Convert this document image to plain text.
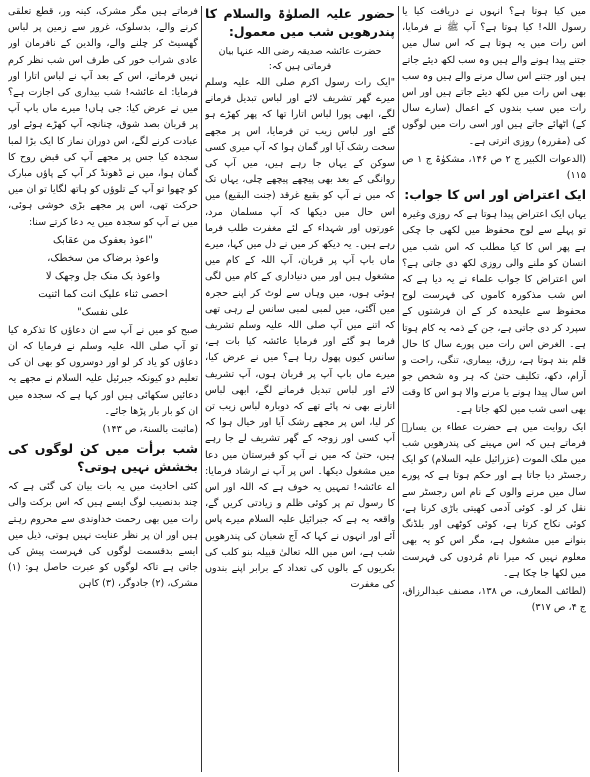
میں کیا ہوتا ہے؟ انہوں نے دریافت کیا یا رسول اللہ! کیا ہوتا ہے؟ آپ ﷺ نے فرمایا، اس رات میں یہ ہوتا ہے کہ اس سال میں جتنے پیدا ہونے والے ہیں وہ سب لکھ دیئے جاتے ہیں اور جتنے اس سال مرنے والے ہیں وہ سب بھی اس رات میں لکھ دیئے جاتے ہیں اور اس رات میں سب بندوں کے اعمال (سارے سال کے) اٹھائے جاتے ہیں اور اسی رات میں لوگوں کی (مقررہ) روزی اترتی ہے۔

(الدعوات الکبیر ج ۲ ص ۱۴۶، مشکوٰۃ ج ۱ ص ۱۱۵)

ایک اعتراض اور اس کا جواب:

یہاں ایک اعتراض پیدا ہوتا ہے کہ روزی وغیرہ تو پہلے سے لوح محفوظ میں لکھی جا چکی ہے پھر اس کا کیا مطلب کہ اس شب میں انسان کو ملنے والی روزی لکھ دی جاتی ہے؟ اس اعتراض کا جواب علماء نے یہ دیا ہے کہ اس شب مذکورہ کاموں کی فہرست لوح محفوظ سے علیحدہ کر کے ان فرشتوں کے سپرد کر دی جاتی ہے، جن کے ذمہ یہ کام ہوتا ہے۔ الغرض اس رات میں پورے سال کا حال قلم بند ہوتا ہے، رزق، بیماری، تنگی، راحت و آرام، دکھ، تکلیف حتیٰ کہ ہر وہ شخص جو اس سال پیدا ہونے یا مرنے والا ہو اس کا وقت بھی اسی شب میں لکھ جاتا ہے۔

ایک روایت میں ہے حضرت عطاء بن یسارؒ فرماتے ہیں کہ اس مہینے کی پندرھویں شب میں ملک الموت (عزرائیل علیہ السلام) کو ایک رجسٹر دیا جاتا ہے اور حکم ہوتا ہے کہ پورے سال میں مرنے والوں کے نام اس رجسٹر سے نقل کر لو۔ کوئی آدمی کھیتی باڑی کرتا ہے، کوئی نکاح کرتا ہے، کوئی کوٹھی اور بلڈنگ بنوانے میں مشغول ہے، مگر اس کو یہ بھی معلوم نہیں کہ میرا نام مُردوں کی فہرست میں لکھا جا چکا ہے۔

(لطائف المعارف، ص ۱۳۸، مصنف عبدالرزاق، ج ۴، ص ۳۱۷)

حضور علیہ الصلوٰۃ والسلام کا پندرھویں شب میں معمول:

حضرت عائشہ صدیقہ رضی اللہ عنہا بیان فرماتی ہیں کہ:

"ایک رات رسول اکرم صلی اللہ علیہ وسلم میرے گھر تشریف لائے اور لباس تبدیل فرمانے لگے، ابھی پورا لباس اتارا تھا کہ پھر کھڑے ہو گئے اور لباس زیب تن فرمایا، اس پر مجھے سخت رشک آیا اور گمان ہوا کہ آپ میری کسی سوکن کے یہاں جا رہے ہیں، میں آپ کی روانگی کے بعد بھی پیچھے پیچھے چلی، یہاں تک کہ میں نے آپ کو بقیع غرقد (جنت البقیع) میں اس حال میں دیکھا کہ آپ مسلمان مرد، عورتوں اور شہداء کے لئے مغفرت طلب فرما رہے ہیں۔ یہ دیکھ کر میں نے دل میں کہا، میرے ماں باپ آپ پر قربان، آپ اللہ کے کام میں مشغول ہیں اور میں دنیاداری کے کام میں لگی ہوئی ہوں، میں وہاں سے لوٹ کر اپنے حجرہ میں آگئی، میں لمبی لمبی سانس لے رہی تھی کہ اتنے میں آپ صلی اللہ علیہ وسلم تشریف فرما ہو گئے اور فرمایا عائشہ کیا بات ہے، سانس کیوں پھول رہا ہے؟ میں نے عرض کیا، میرے ماں باپ آپ پر قربان ہوں، آپ تشریف لائے اور لباس تبدیل فرمانے لگے، ابھی لباس اتارنے بھی نہ پائے تھے کہ دوبارہ لباس زیب تن کر لیا، اس پر مجھے رشک آیا اور خیال ہوا کہ آپ کسی اور زوجہ کے گھر تشریف لے جا رہے ہیں، حتیٰ کہ میں نے آپ کو قبرستان میں دعا میں مشغول دیکھا۔ اس پر آپ نے ارشاد فرمایا: اے عائشہ! تمہیں یہ خوف ہے کہ اللہ اور اس کا رسول تم پر کوئی ظلم و زیادتی کریں گے، واقعہ یہ ہے کہ جبرائیل علیہ السلام میرے پاس آئے اور انہوں نے کہا کہ آج شعبان کی پندرھویں شب ہے، اس میں اللہ تعالیٰ قبیلہ بنو کلب کی بکریوں کے بالوں کی تعداد کے برابر اپنے بندوں کی مغفرت

فرماتے ہیں مگر مشرک، کینہ ور، قطع تعلقی کرنے والے، بدسلوک، غرور سے زمین پر لباس گھسیٹ کر چلنے والے، والدین کے نافرمان اور عادی شراب خور کی طرف اس شب نظر کرم نہیں فرماتے، اس کے بعد آپ نے لباس اتارا اور فرمایا: اے عائشہ! شب بیداری کی اجازت ہے؟ میں نے عرض کیا: جی ہاں! میرے ماں باپ آپ پر قربان بصد شوق، چنانچہ آپ کھڑے ہوئے اور عبادت کرنے لگے، اس دوران نماز کا ایک بڑا لمبا سجدہ کیا جس پر مجھے آپ کی قبض روح کا گمان ہوا، میں نے ڈھونڈ کر آپ کے پاؤں مبارک کو چھوا تو آپ کے تلوؤں کو ہاتھ لگایا تو ان میں حرکت تھی، اس پر مجھے بڑی خوشی ہوئی، میں نے آپ کو سجدہ میں یہ دعا کرتے سنا:

"اعوذ بعفوک من عقابک

واعوذ برضاک من سخطک،

واعوذ بک منک جل وجھک لا

احصی ثناء علیک انت کما اثنیت

علی نفسک"

صبح کو میں نے آپ سے ان دعاؤں کا تذکرہ کیا تو آپ صلی اللہ علیہ وسلم نے فرمایا کہ ان دعاؤں کو یاد کر لو اور دوسروں کو بھی ان کی تعلیم دو کیونکہ جبرئیل علیہ السلام نے مجھے یہ دعائیں سکھائی ہیں اور کہا ہے کہ سجدہ میں ان کو بار بار پڑھا جائے۔

(ماثبت بالسنۃ، ص ۱۴۳)

شب برأت میں کن لوگوں کی بخشش نہیں ہوتی؟

کئی احادیث میں یہ بات بیان کی گئی ہے کہ چند بدنصیب لوگ ایسے ہیں کہ اس برکت والی رات میں بھی رحمت خداوندی سے محروم رہتے ہیں اور ان پر نظر عنایت نہیں ہوتی، ذیل میں ایسے بدقسمت لوگوں کی فہرست پیش کی جاتی ہے تاکہ لوگوں کو عبرت حاصل ہو: (۱) مشرک، (۲) جادوگر، (۳) کاہن
